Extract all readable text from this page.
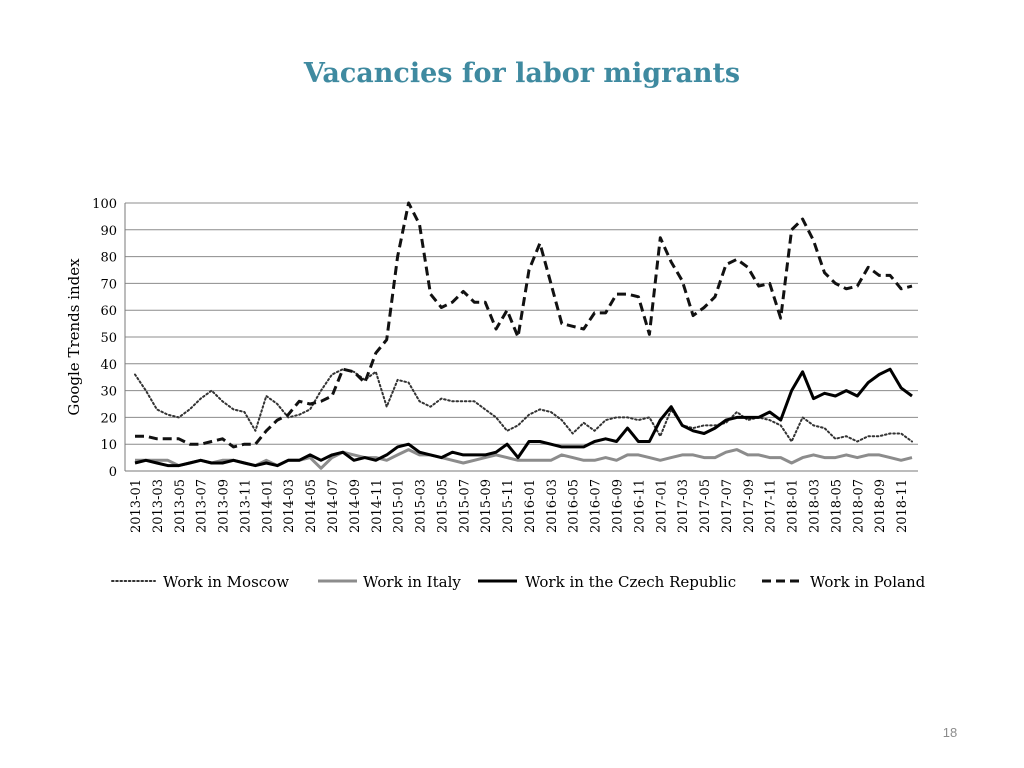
Vacancies for labor migrants
0
10
20
30
40
50
60
70
80
90
100
2013-01 2013-03 2013-05 2013-07 2013-09 2013-11 2014-01 2014-03 2014-05 2014-07 2014-09 2014-11 2015-01 2015-03 2015-05 2015-07 2015-09 2015-11 2016-01 2016-03 2016-05 2016-07 2016-09 2016-11 2017-01 2017-03 2017-05 2017-07 2017-09 2017-11 2018-01 2018-03 2018-05 2018-07 2018-09 2018-11
Google Trends index
Work in Moscow	Work in Italy	Work in the Czech Republic	Work in Poland
18
